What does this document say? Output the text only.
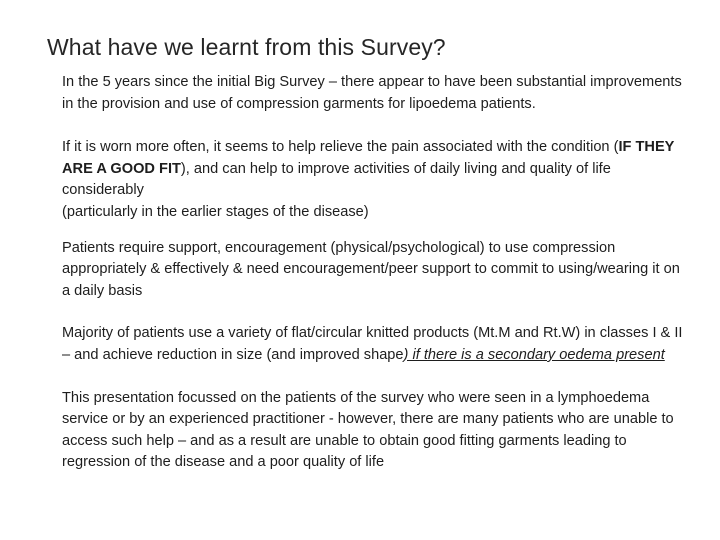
What have we learnt from this Survey?

In the 5 years since the initial Big Survey – there appear to have been substantial improvements in the provision and use of compression garments for lipoedema patients.

If it is worn more often, it seems to help relieve the pain associated with the condition (IF THEY ARE A GOOD FIT), and can help to improve activities of daily living and quality of life considerably
(particularly in the earlier stages of the disease)

Patients require support, encouragement (physical/psychological) to use compression appropriately & effectively & need encouragement/peer support to commit to using/wearing it on a daily basis

Majority of patients use a variety of flat/circular knitted products (Mt.M and Rt.W) in classes I & II – and achieve reduction in size (and improved shape) if there is a secondary oedema present

This presentation focussed on the patients of the survey who were seen in a lymphoedema service or by an experienced practitioner - however, there are many patients who are unable to access such help – and as a result are unable to obtain good fitting garments leading to regression of the disease and a poor quality of life
